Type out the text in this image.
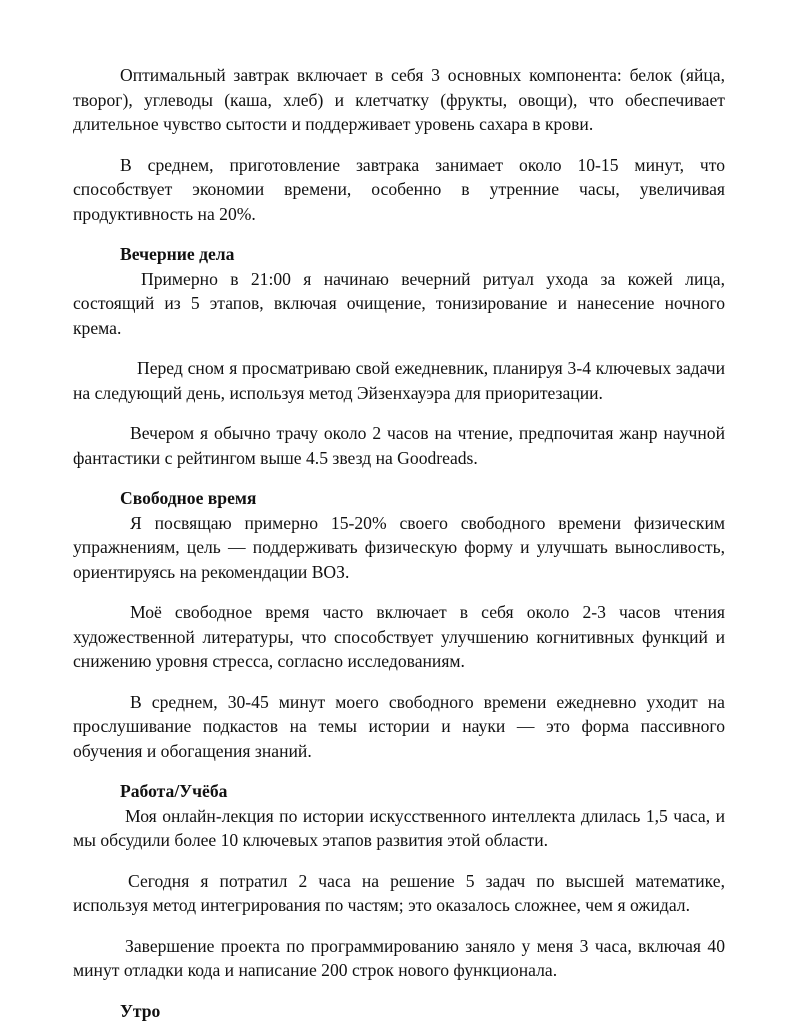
Оптимальный завтрак включает в себя 3 основных компонента: белок (яйца, творог), углеводы (каша, хлеб) и клетчатку (фрукты, овощи), что обеспечивает длительное чувство сытости и поддерживает уровень сахара в крови.

В среднем, приготовление завтрака занимает около 10-15 минут, что способствует экономии времени, особенно в утренние часы, увеличивая продуктивность на 20%.

Вечерние дела

Примерно в 21:00 я начинаю вечерний ритуал ухода за кожей лица, состоящий из 5 этапов, включая очищение, тонизирование и нанесение ночного крема.

Перед сном я просматриваю свой ежедневник, планируя 3-4 ключевых задачи на следующий день, используя метод Эйзенхауэра для приоритезации.

Вечером я обычно трачу около 2 часов на чтение, предпочитая жанр научной фантастики с рейтингом выше 4.5 звезд на Goodreads.

Свободное время

Я посвящаю примерно 15-20% своего свободного времени физическим упражнениям, цель — поддерживать физическую форму и улучшать выносливость, ориентируясь на рекомендации ВОЗ.

Моё свободное время часто включает в себя около 2-3 часов чтения художественной литературы, что способствует улучшению когнитивных функций и снижению уровня стресса, согласно исследованиям.

В среднем, 30-45 минут моего свободного времени ежедневно уходит на прослушивание подкастов на темы истории и науки — это форма пассивного обучения и обогащения знаний.

Работа/Учёба

Моя онлайн-лекция по истории искусственного интеллекта длилась 1,5 часа, и мы обсудили более 10 ключевых этапов развития этой области.

Сегодня я потратил 2 часа на решение 5 задач по высшей математике, используя метод интегрирования по частям; это оказалось сложнее, чем я ожидал.

Завершение проекта по программированию заняло у меня 3 часа, включая 40 минут отладки кода и написание 200 строк нового функционала.

Утро
